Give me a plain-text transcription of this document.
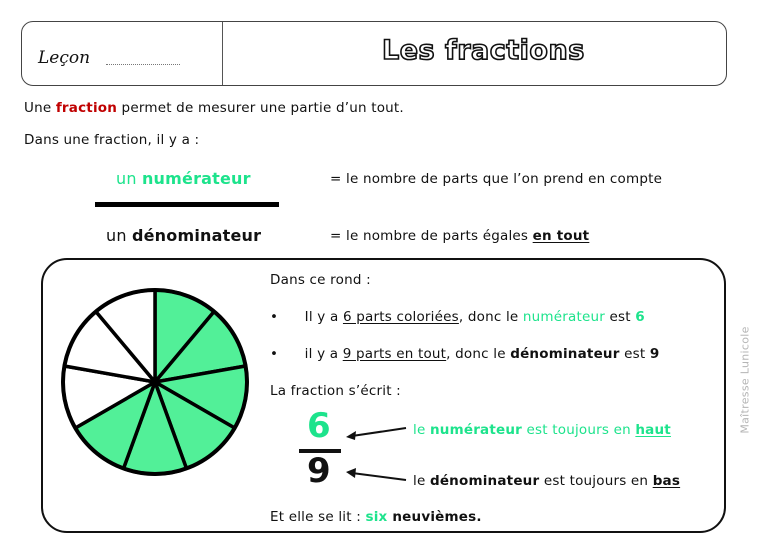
Leçon	Les fractions
Une fraction permet de mesurer une partie d’un tout.
Dans une fraction, il y a :
un numérateur	= le nombre de parts que l’on prend en compte
un dénominateur	= le nombre de parts égales en tout
Dans ce rond :
• Il y a 6 parts coloriées, donc le numérateur est 6
• il y a 9 parts en tout, donc le dénominateur est 9
La fraction s’écrit :
6
9
le numérateur est toujours en haut
le dénominateur est toujours en bas
Et elle se lit : six neuvièmes.
Maîtresse Lunicole
